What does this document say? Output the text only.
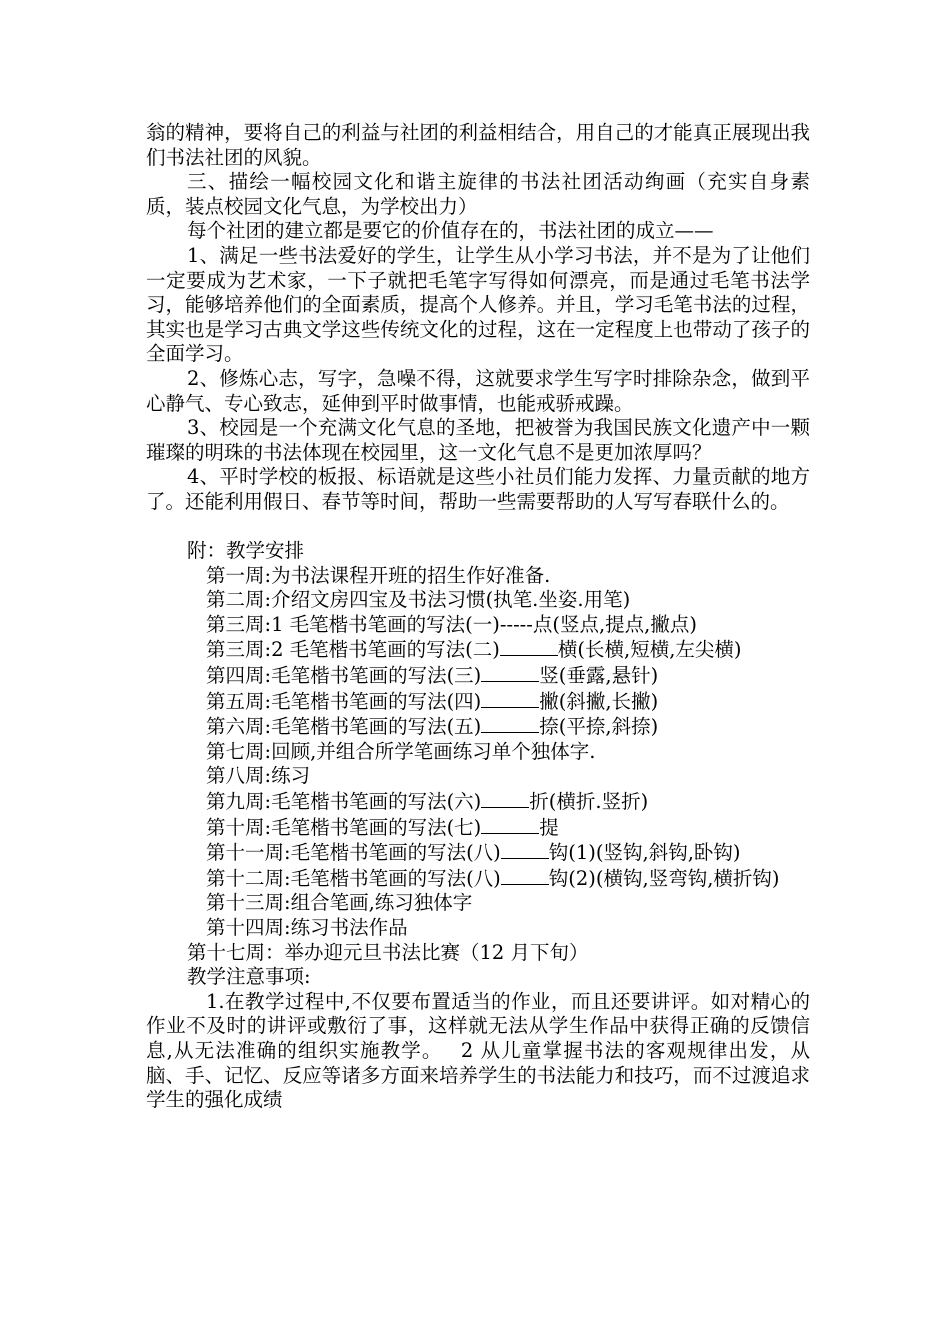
翁的精神，要将自己的利益与社团的利益相结合，用自己的才能真正展现出我们书法社团的风貌。

三、描绘一幅校园文化和谐主旋律的书法社团活动绚画（充实自身素质，装点校园文化气息，为学校出力）

每个社团的建立都是要它的价值存在的，书法社团的成立——

1、满足一些书法爱好的学生，让学生从小学习书法，并不是为了让他们一定要成为艺术家，一下子就把毛笔字写得如何漂亮，而是通过毛笔书法学习，能够培养他们的全面素质，提高个人修养。并且，学习毛笔书法的过程，其实也是学习古典文学这些传统文化的过程，这在一定程度上也带动了孩子的全面学习。

2、修炼心志，写字，急噪不得，这就要求学生写字时排除杂念，做到平心静气、专心致志，延伸到平时做事情，也能戒骄戒躁。

3、校园是一个充满文化气息的圣地，把被誉为我国民族文化遗产中一颗璀璨的明珠的书法体现在校园里，这一文化气息不是更加浓厚吗？

4、平时学校的板报、标语就是这些小社员们能力发挥、力量贡献的地方了。还能利用假日、春节等时间，帮助一些需要帮助的人写写春联什么的。

附：教学安排

第一周:为书法课程开班的招生作好准备.

第二周:介绍文房四宝及书法习惯(执笔.坐姿.用笔)

第三周:1 毛笔楷书笔画的写法(一)-----点(竖点,提点,撇点)

第三周:2 毛笔楷书笔画的写法(二)	横(长横,短横,左尖横)

第四周:毛笔楷书笔画的写法(三)	竖(垂露,悬针)

第五周:毛笔楷书笔画的写法(四)	撇(斜撇,长撇)

第六周:毛笔楷书笔画的写法(五)	捺(平捺,斜捺)

第七周:回顾,并组合所学笔画练习单个独体字.

第八周:练习

第九周:毛笔楷书笔画的写法(六) 折(横折.竖折)

第十周:毛笔楷书笔画的写法(七)	提

第十一周:毛笔楷书笔画的写法(八) 钩(1)(竖钩,斜钩,卧钩)

第十二周:毛笔楷书笔画的写法(八) 钩(2)(横钩,竖弯钩,横折钩)

第十三周:组合笔画,练习独体字

第十四周:练习书法作品

第十七周：举办迎元旦书法比赛（12 月下旬）

教学注意事项:

1.在教学过程中,不仅要布置适当的作业，而且还要讲评。如对精心的作业不及时的讲评或敷衍了事，这样就无法从学生作品中获得正确的反馈信息,从无法准确的组织实施教学。　 2 从儿童掌握书法的客观规律出发，从脑、手、记忆、反应等诸多方面来培养学生的书法能力和技巧，而不过渡追求学生的强化成绩
